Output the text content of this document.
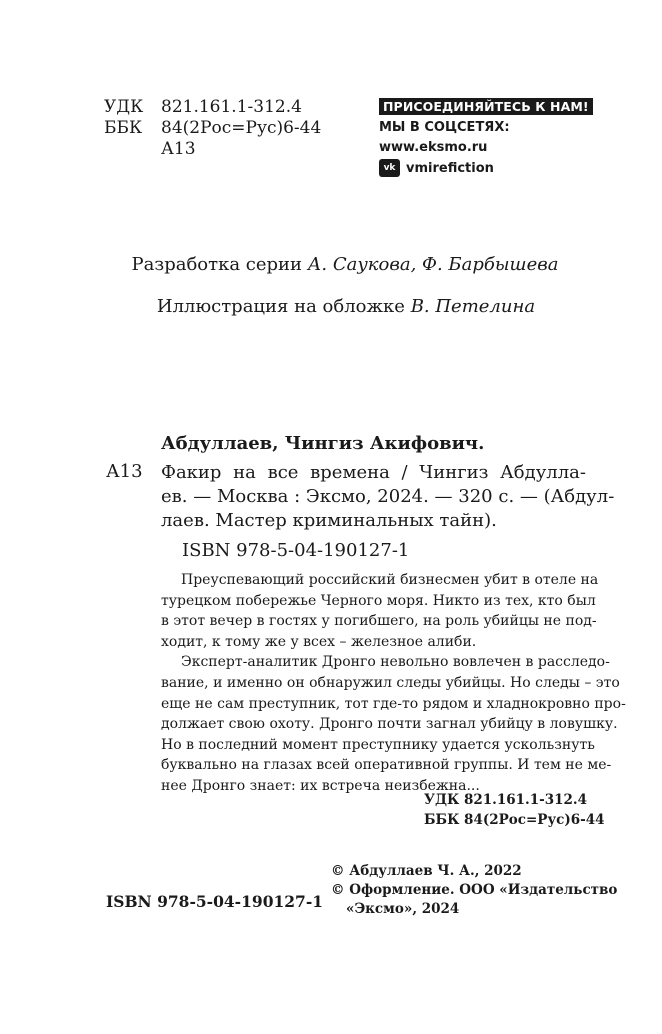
УДК	821.161.1-312.4
ББК	84(2Рос=Рус)6-44
А13
ПРИСОЕДИНЯЙТЕСЬ К НАМ!
МЫ В СОЦСЕТЯХ:
www.eksmo.ru
vk vmirefiction
Разработка серии А. Саукова, Ф. Барбышева
Иллюстрация на обложке В. Петелина
Абдуллаев, Чингиз Акифович.
А13 Факир на все времена / Чингиз Абдулла-
ев. — Москва : Эксмо, 2024. — 320 с. — (Абдул-
лаев. Мастер криминальных тайн).
ISBN 978-5-04-190127-1
Преуспевающий российский бизнесмен убит в отеле на
турецком побережье Черного моря. Никто из тех, кто был
в этот вечер в гостях у погибшего, на роль убийцы не под-
ходит, к тому же у всех – железное алиби.
Эксперт-аналитик Дронго невольно вовлечен в расследо-
вание, и именно он обнаружил следы убийцы. Но следы – это
еще не сам преступник, тот где-то рядом и хладнокровно про-
должает свою охоту. Дронго почти загнал убийцу в ловушку.
Но в последний момент преступнику удается ускользнуть
буквально на глазах всей оперативной группы. И тем не ме-
нее Дронго знает: их встреча неизбежна...
УДК 821.161.1-312.4
ББК 84(2Рос=Рус)6-44
© Абдуллаев Ч. А., 2022
© Оформление. ООО «Издательство
«Эксмо», 2024
ISBN 978-5-04-190127-1
